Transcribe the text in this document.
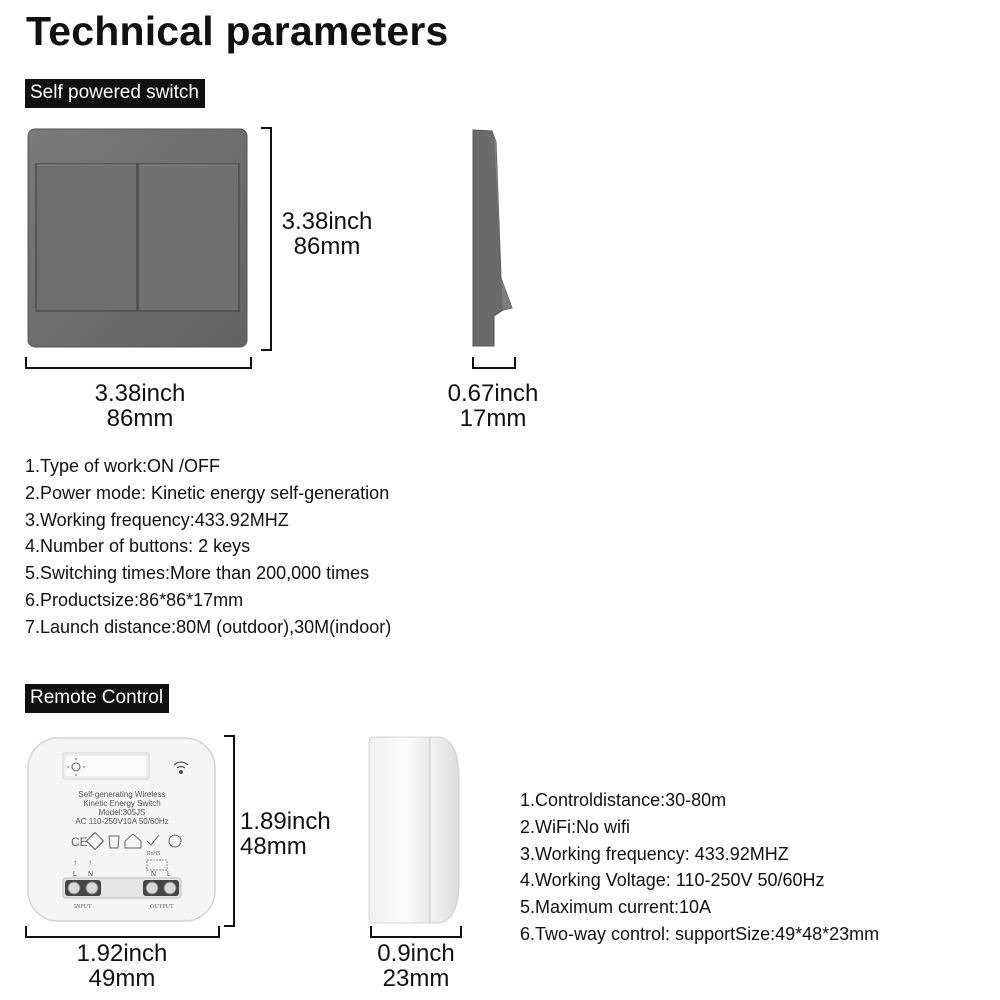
Technical parameters
Self powered switch
3.38inch
86mm
3.38inch
86mm
0.67inch
17mm
1.Type of work:ON /OFF
2.Power mode: Kinetic energy self-generation
3.Working frequency:433.92MHZ
4.Number of buttons: 2 keys
5.Switching times:More than 200,000 times
6.Productsize:86*86*17mm
7.Launch distance:80M (outdoor),30M(indoor)
Remote Control
Self-generating Wireless
Kinetic Energy Switch
Model:305JS
AC 110-250V10A 50/60Hz
CE
RoHS
↑ ↑
L N	N L
INPUT	OUTPUT
1.89inch
48mm
1.92inch
49mm
0.9inch
23mm
1.Controldistance:30-80m
2.WiFi:No wifi
3.Working frequency: 433.92MHZ
4.Working Voltage: 110-250V 50/60Hz
5.Maximum current:10A
6.Two-way control: supportSize:49*48*23mm
